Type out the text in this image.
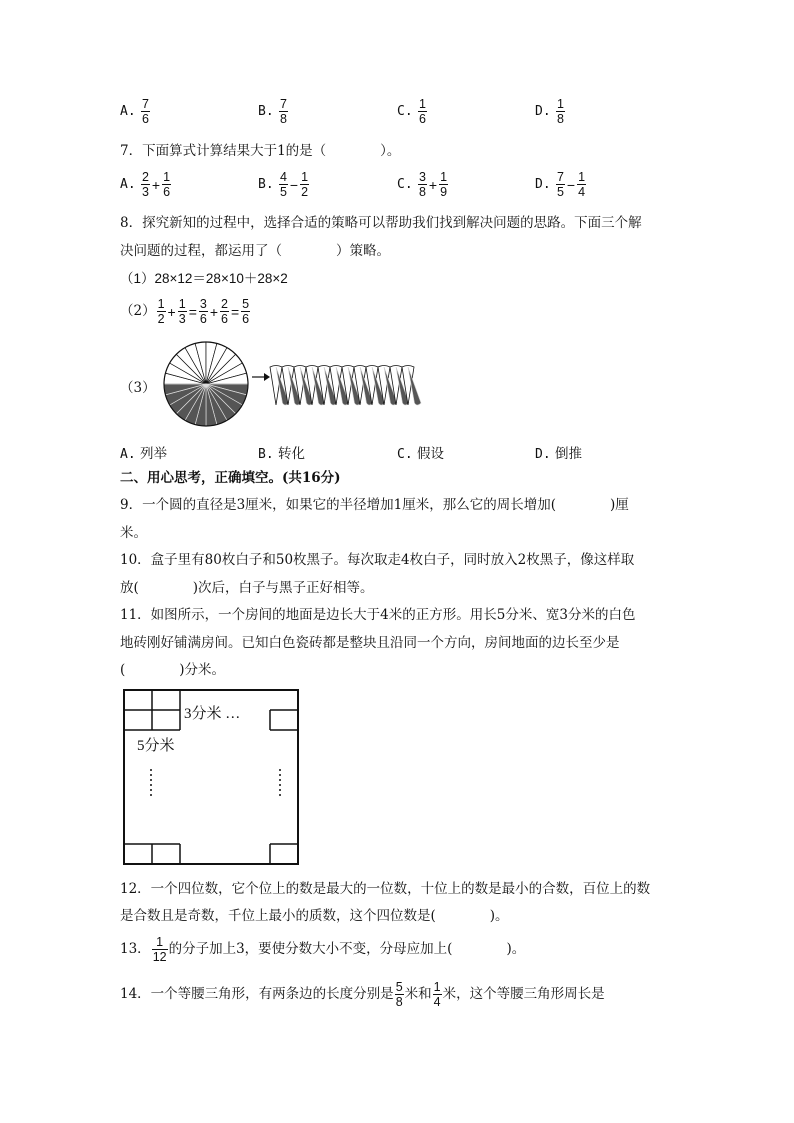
A. $\frac{7}{6}$	B. $\frac{7}{8}$	C. $\frac{1}{6}$	D. $\frac{1}{8}$
7．下面算式计算结果大于1的是（　　　　）。
A. $\frac{2}{3} + \frac{1}{6}$	B. $\frac{4}{5} - \frac{1}{2}$	C. $\frac{3}{8} + \frac{1}{9}$	D. $\frac{7}{5} - \frac{1}{4}$
8．探究新知的过程中，选择合适的策略可以帮助我们找到解决问题的思路。下面三个解
决问题的过程，都运用了（　　　　）策略。
（1）28×12＝28×10＋28×2
$(2) \frac{1}{2} + \frac{1}{3} = \frac{3}{6} + \frac{2}{6} = \frac{5}{6}$
（3）
A. 列举	B. 转化	C. 假设	D. 倒推
二、用心思考，正确填空。(共16分)
9．一个圆的直径是3厘米，如果它的半径增加1厘米，那么它的周长增加(　　　　)厘
米。
10．盒子里有80枚白子和50枚黑子。每次取走4枚白子，同时放入2枚黑子，像这样取
放(　　　　)次后，白子与黑子正好相等。
11．如图所示，一个房间的地面是边长大于4米的正方形。用长5分米、宽3分米的白色
地砖刚好铺满房间。已知白色瓷砖都是整块且沿同一个方向，房间地面的边长至少是
(　　　　)分米。
3分米 …
5分米
12．一个四位数，它个位上的数是最大的一位数，十位上的数是最小的合数，百位上的数
是合数且是奇数，千位上最小的质数，这个四位数是(　　　　)。
13． $\frac{1}{12}$ 的分子加上3，要使分数大小不变，分母应加上(　　　　)。
14．一个等腰三角形，有两条边的长度分别是 $\frac{5}{8}$ 米和 $\frac{1}{4}$ 米，这个等腰三角形周长是
